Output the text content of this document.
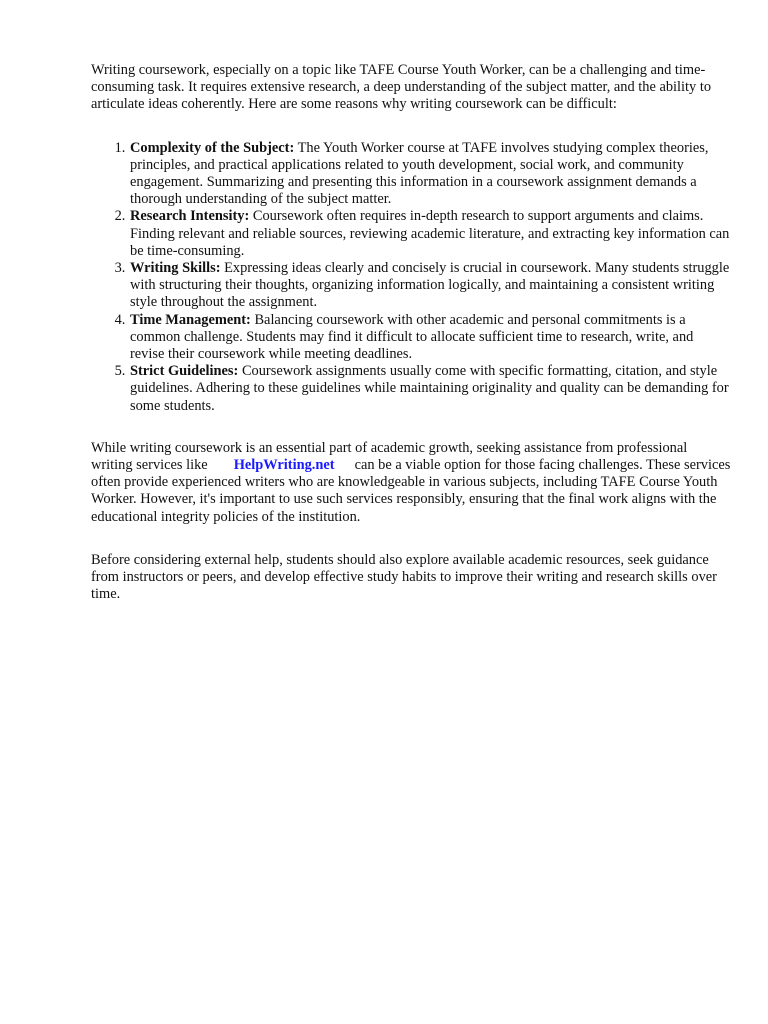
Writing coursework, especially on a topic like TAFE Course Youth Worker, can be a challenging and time-consuming task. It requires extensive research, a deep understanding of the subject matter, and the ability to articulate ideas coherently. Here are some reasons why writing coursework can be difficult:

1. Complexity of the Subject: The Youth Worker course at TAFE involves studying complex theories, principles, and practical applications related to youth development, social work, and community engagement. Summarizing and presenting this information in a coursework assignment demands a thorough understanding of the subject matter.
2. Research Intensity: Coursework often requires in-depth research to support arguments and claims. Finding relevant and reliable sources, reviewing academic literature, and extracting key information can be time-consuming.
3. Writing Skills: Expressing ideas clearly and concisely is crucial in coursework. Many students struggle with structuring their thoughts, organizing information logically, and maintaining a consistent writing style throughout the assignment.
4. Time Management: Balancing coursework with other academic and personal commitments is a common challenge. Students may find it difficult to allocate sufficient time to research, write, and revise their coursework while meeting deadlines.
5. Strict Guidelines: Coursework assignments usually come with specific formatting, citation, and style guidelines. Adhering to these guidelines while maintaining originality and quality can be demanding for some students.

While writing coursework is an essential part of academic growth, seeking assistance from professional writing services like HelpWriting.net can be a viable option for those facing challenges. These services often provide experienced writers who are knowledgeable in various subjects, including TAFE Course Youth Worker. However, it's important to use such services responsibly, ensuring that the final work aligns with the educational integrity policies of the institution.

Before considering external help, students should also explore available academic resources, seek guidance from instructors or peers, and develop effective study habits to improve their writing and research skills over time.
